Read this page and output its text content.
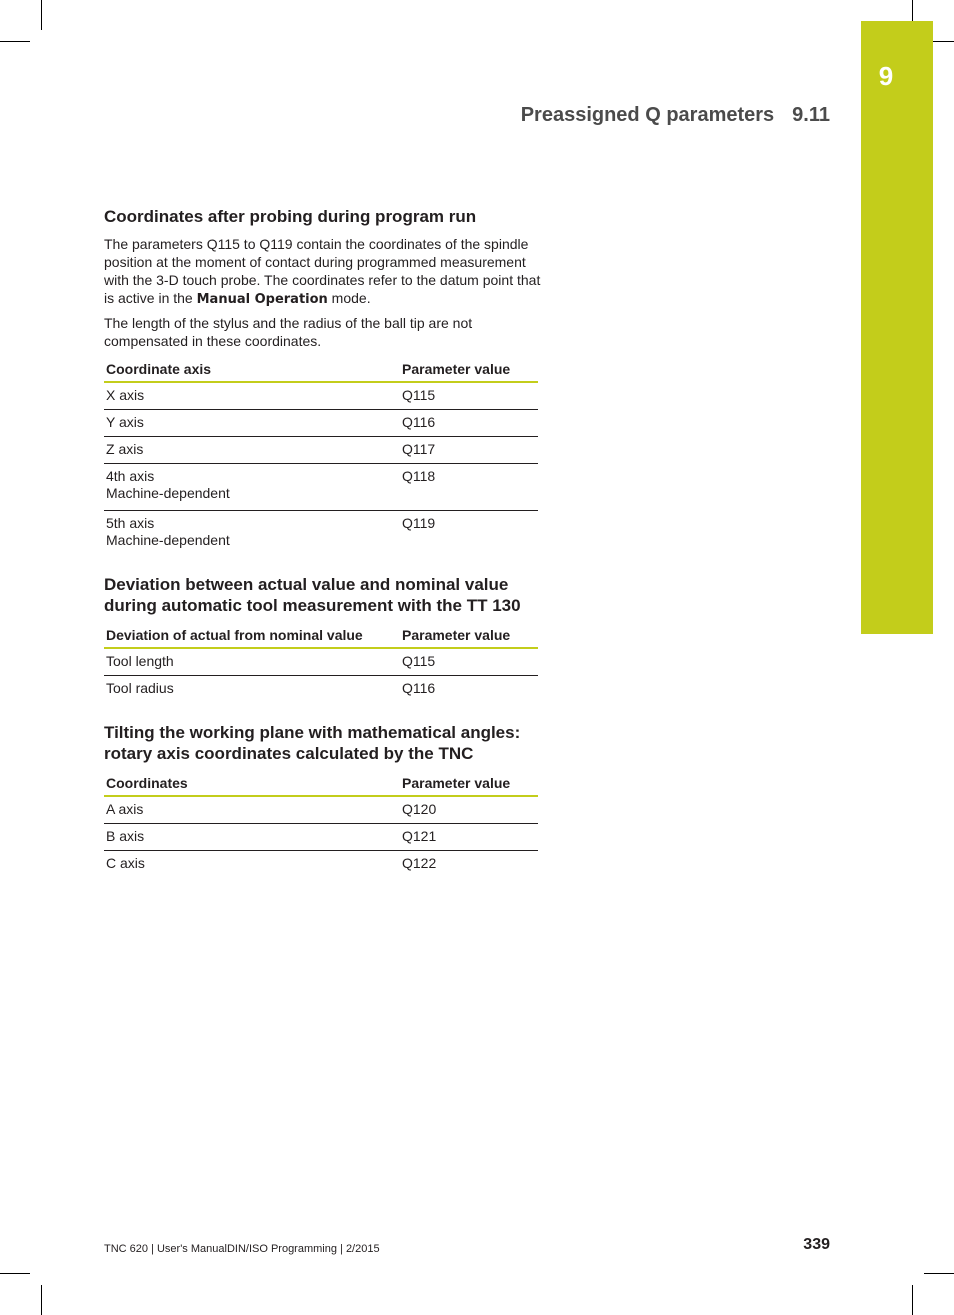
9
Preassigned Q parameters 9.11
Coordinates after probing during program run

The parameters Q115 to Q119 contain the coordinates of the spindle position at the moment of contact during programmed measurement with the 3-D touch probe. The coordinates refer to the datum point that is active in the Manual Operation mode.

The length of the stylus and the radius of the ball tip are not compensated in these coordinates.

Coordinate axis	Parameter value
X axis	Q115
Y axis	Q116
Z axis	Q117

4th axis
Machine-dependent	Q118

5th axis
Machine-dependent	Q119
Deviation between actual value and nominal value
during automatic tool measurement with the TT 130
Deviation of actual from nominal value	Parameter value
Tool length	Q115
Tool radius	Q116
Tilting the working plane with mathematical angles:
rotary axis coordinates calculated by the TNC
Coordinates	Parameter value
A axis	Q120
B axis	Q121
C axis	Q122
TNC 620 | User's ManualDIN/ISO Programming | 2/2015	339
